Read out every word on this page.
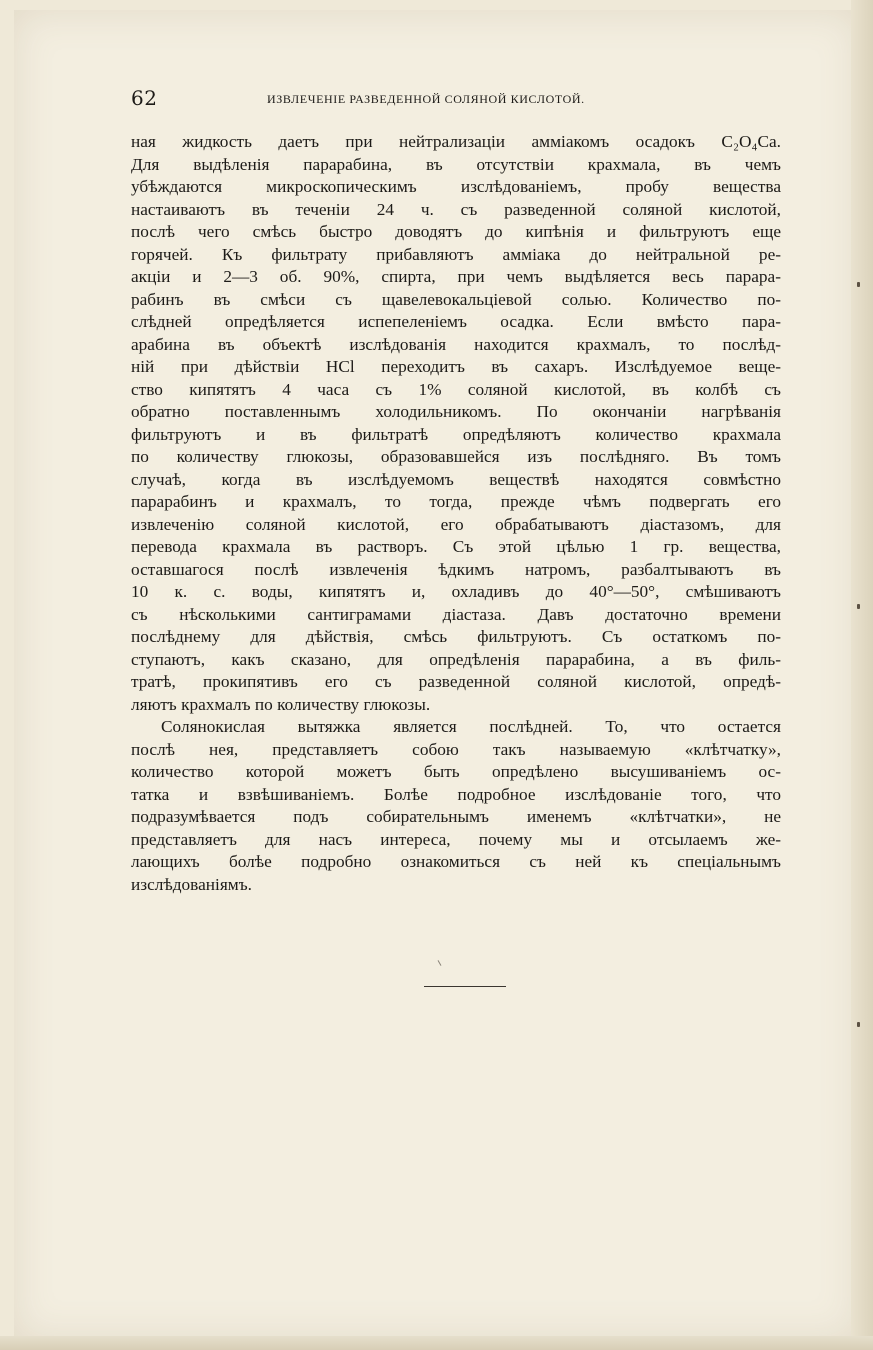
62	ИЗВЛЕЧЕНІЕ РАЗВЕДЕННОЙ СОЛЯНОЙ КИСЛОТОЙ.
ная жидкость даетъ при нейтрализаціи амміакомъ осадокъ C₂O₄Ca.
Для выдѣленія парарабина, въ отсутствіи крахмала, въ чемъ
убѣждаются микроскопическимъ изслѣдованіемъ, пробу вещества
настаиваютъ въ теченіи 24 ч. съ разведенной соляной кислотой,
послѣ чего смѣсь быстро доводятъ до кипѣнія и фильтруютъ еще
горячей. Къ фильтрату прибавляютъ амміака до нейтральной ре-
акціи и 2—3 об. 90%, спирта, при чемъ выдѣляется весь парара-
рабинъ въ смѣси съ щавелевокальціевой солью. Количество по-
слѣдней опредѣляется испепеленіемъ осадка. Если вмѣсто пара-
арабина въ объектѣ изслѣдованія находится крахмалъ, то послѣд-
ній при дѣйствіи HCl переходитъ въ сахаръ. Изслѣдуемое веще-
ство кипятятъ 4 часа съ 1% соляной кислотой, въ колбѣ съ
обратно поставленнымъ холодильникомъ. По окончаніи нагрѣванія
фильтруютъ и въ фильтратѣ опредѣляютъ количество крахмала
по количеству глюкозы, образовавшейся изъ послѣдняго. Въ томъ
случаѣ, когда въ изслѣдуемомъ веществѣ находятся совмѣстно
парарабинъ и крахмалъ, то тогда, прежде чѣмъ подвергать его
извлеченію соляной кислотой, его обрабатываютъ діастазомъ, для
перевода крахмала въ растворъ. Съ этой цѣлью 1 гр. вещества,
оставшагося послѣ извлеченія ѣдкимъ натромъ, разбалтываютъ въ
10 к. с. воды, кипятятъ и, охладивъ до 40°—50°, смѣшиваютъ
съ нѣсколькими сантиграмами діастаза. Давъ достаточно времени
послѣднему для дѣйствія, смѣсь фильтруютъ. Съ остаткомъ по-
ступаютъ, какъ сказано, для опредѣленія парарабина, а въ филь-
тратѣ, прокипятивъ его съ разведенной соляной кислотой, опредѣ-
ляютъ крахмалъ по количеству глюкозы.
Солянокислая вытяжка является послѣдней. То, что остается
послѣ нея, представляетъ собою такъ называемую «клѣтчатку»,
количество которой можетъ быть опредѣлено высушиваніемъ ос-
татка и взвѣшиваніемъ. Болѣе подробное изслѣдованіе того, что
подразумѣвается подъ собирательнымъ именемъ «клѣтчатки», не
представляетъ для насъ интереса, почему мы и отсылаемъ же-
лающихъ болѣе подробно ознакомиться съ ней къ спеціальнымъ
изслѣдованіямъ.
